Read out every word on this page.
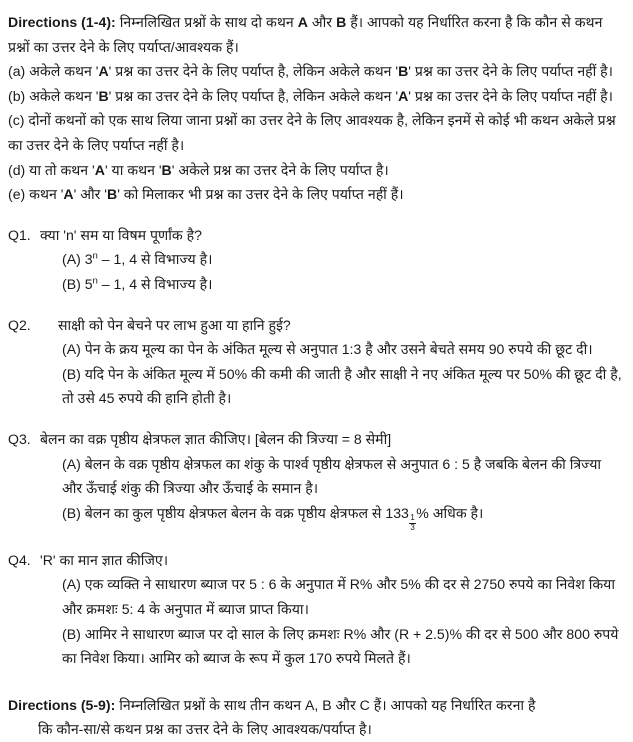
Directions (1-4): निम्नलिखित प्रश्नों के साथ दो कथन A और B हैं। आपको यह निर्धारित करना है कि कौन से कथन प्रश्नों का उत्तर देने के लिए पर्याप्त/आवश्यक हैं।

(a) अकेले कथन 'A' प्रश्न का उत्तर देने के लिए पर्याप्त है, लेकिन अकेले कथन 'B' प्रश्न का उत्तर देने के लिए पर्याप्त नहीं है।

(b) अकेले कथन 'B' प्रश्न का उत्तर देने के लिए पर्याप्त है, लेकिन अकेले कथन 'A' प्रश्न का उत्तर देने के लिए पर्याप्त नहीं है।

(c) दोनों कथनों को एक साथ लिया जाना प्रश्नों का उत्तर देने के लिए आवश्यक है, लेकिन इनमें से कोई भी कथन अकेले प्रश्न का उत्तर देने के लिए पर्याप्त नहीं है।

(d) या तो कथन 'A' या कथन 'B' अकेले प्रश्न का उत्तर देने के लिए पर्याप्त है।

(e) कथन 'A' और 'B' को मिलाकर भी प्रश्न का उत्तर देने के लिए पर्याप्त नहीं हैं।

Q1. क्या 'n' सम या विषम पूर्णांक है?

(A) 3$^n$ – 1, 4 से विभाज्य है।

(B) 5$^n$ – 1, 4 से विभाज्य है।

Q2.	साक्षी को पेन बेचने पर लाभ हुआ या हानि हुई?

(A) पेन के क्रय मूल्य का पेन के अंकित मूल्य से अनुपात 1:3 है और उसने बेचते समय 90 रुपये की छूट दी।

(B) यदि पेन के अंकित मूल्य में 50% की कमी की जाती है और साक्षी ने नए अंकित मूल्य पर 50% की छूट दी है, तो उसे 45 रुपये की हानि होती है।

Q3. बेलन का वक्र पृष्ठीय क्षेत्रफल ज्ञात कीजिए। [बेलन की त्रिज्या = 8 सेमी]

(A) बेलन के वक्र पृष्ठीय क्षेत्रफल का शंकु के पार्श्व पृष्ठीय क्षेत्रफल से अनुपात 6 : 5 है जबकि बेलन की त्रिज्या और ऊँचाई शंकु की त्रिज्या और ऊँचाई के समान है।

(B) बेलन का कुल पृष्ठीय क्षेत्रफल बेलन के वक्र पृष्ठीय क्षेत्रफल से 133
$\frac{1}{3}$
% अधिक है।

Q4. 'R' का मान ज्ञात कीजिए।

(A) एक व्यक्ति ने साधारण ब्याज पर 5 : 6 के अनुपात में R% और 5% की दर से 2750 रुपये का निवेश किया और क्रमशः 5: 4 के अनुपात में ब्याज प्राप्त किया।

(B) आमिर ने साधारण ब्याज पर दो साल के लिए क्रमशः R% और (R + 2.5)% की दर से 500 और 800 रुपये का निवेश किया। आमिर को ब्याज के रूप में कुल 170 रुपये मिलते हैं।

Directions (5-9): निम्नलिखित प्रश्नों के साथ तीन कथन A, B और C हैं। आपको यह निर्धारित करना है

कि कौन-सा/से कथन प्रश्न का उत्तर देने के लिए आवश्यक/पर्याप्त है।
